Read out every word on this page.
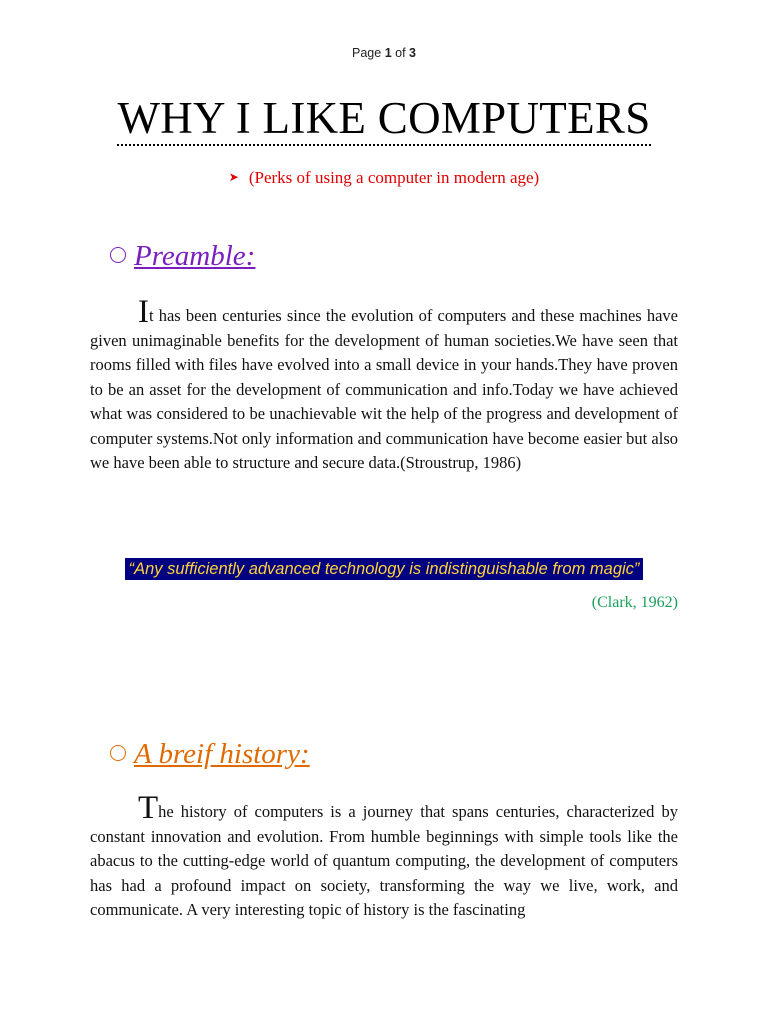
Page 1 of 3
WHY I LIKE COMPUTERS
➤ (Perks of using a computer in modern age)
Preamble:

It has been centuries since the evolution of computers and these machines have given unimaginable benefits for the development of human societies.We have seen that rooms filled with files have evolved into a small device in your hands.They have proven to be an asset for the development of communication and info.Today we have achieved what was considered to be unachievable wit the help of the progress and development of computer systems.Not only information and communication have become easier but also we have been able to structure and secure data.(Stroustrup, 1986)

“Any sufficiently advanced technology is indistinguishable from magic”
(Clark, 1962)
A breif history:

The history of computers is a journey that spans centuries, characterized by constant innovation and evolution. From humble beginnings with simple tools like the abacus to the cutting-edge world of quantum computing, the development of computers has had a profound impact on society, transforming the way we live, work, and communicate. A very interesting topic of history is the fascinating
